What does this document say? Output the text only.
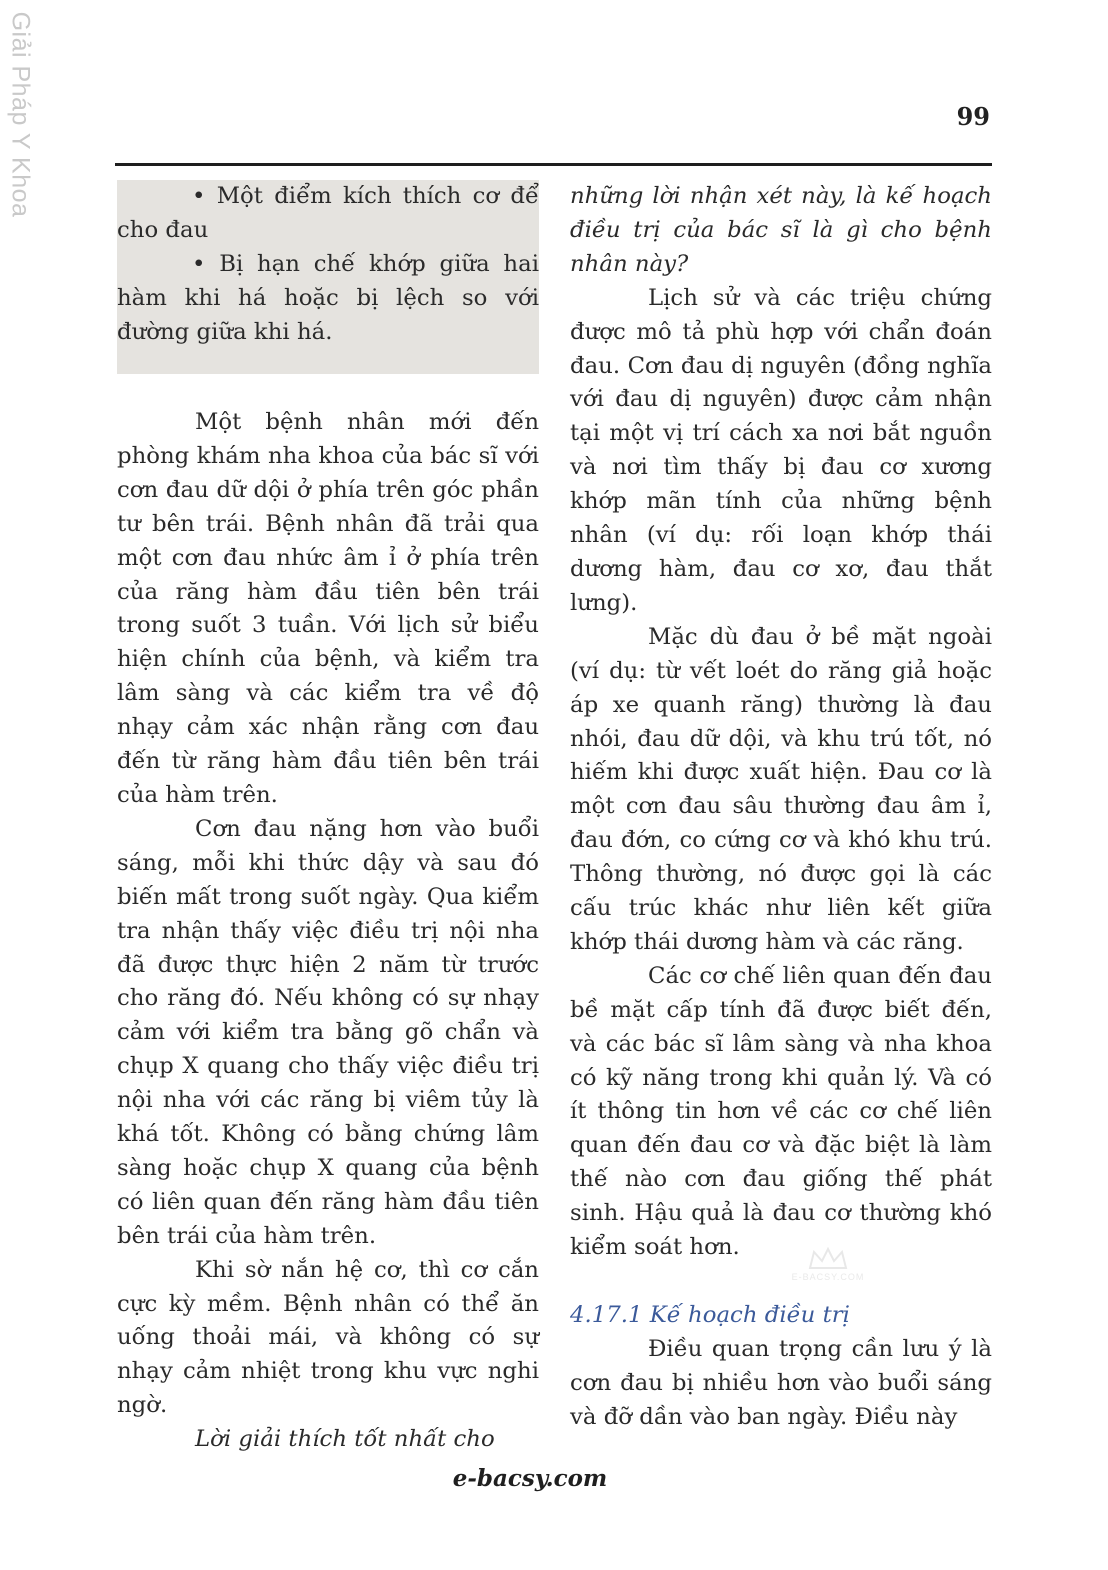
Giải Pháp Y Khoa	99

• Một điểm kích thích cơ để cho đau

• Bị hạn chế khớp giữa hai hàm khi há hoặc bị lệch so với đường giữa khi há.

Một bệnh nhân mới đến phòng khám nha khoa của bác sĩ với cơn đau dữ dội ở phía trên góc phần tư bên trái. Bệnh nhân đã trải qua một cơn đau nhức âm ỉ ở phía trên của răng hàm đầu tiên bên trái trong suốt 3 tuần. Với lịch sử biểu hiện chính của bệnh, và kiểm tra lâm sàng và các kiểm tra về độ nhạy cảm xác nhận rằng cơn đau đến từ răng hàm đầu tiên bên trái của hàm trên.

Cơn đau nặng hơn vào buổi sáng, mỗi khi thức dậy và sau đó biến mất trong suốt ngày. Qua kiểm tra nhận thấy việc điều trị nội nha đã được thực hiện 2 năm từ trước cho răng đó. Nếu không có sự nhạy cảm với kiểm tra bằng gõ chẩn và chụp X quang cho thấy việc điều trị nội nha với các răng bị viêm tủy là khá tốt. Không có bằng chứng lâm sàng hoặc chụp X quang của bệnh có liên quan đến răng hàm đầu tiên bên trái của hàm trên.

Khi sờ nắn hệ cơ, thì cơ cắn cực kỳ mềm. Bệnh nhân có thể ăn uống thoải mái, và không có sự nhạy cảm nhiệt trong khu vực nghi ngờ.

Lời giải thích tốt nhất cho

những lời nhận xét này, là kế hoạch điều trị của bác sĩ là gì cho bệnh nhân này?

Lịch sử và các triệu chứng được mô tả phù hợp với chẩn đoán đau. Cơn đau dị nguyên (đồng nghĩa với đau dị nguyên) được cảm nhận tại một vị trí cách xa nơi bắt nguồn và nơi tìm thấy bị đau cơ xương khớp mãn tính của những bệnh nhân (ví dụ: rối loạn khớp thái dương hàm, đau cơ xơ, đau thắt lưng).

Mặc dù đau ở bề mặt ngoài (ví dụ: từ vết loét do răng giả hoặc áp xe quanh răng) thường là đau nhói, đau dữ dội, và khu trú tốt, nó hiếm khi được xuất hiện. Đau cơ là một cơn đau sâu thường đau âm ỉ, đau đớn, co cứng cơ và khó khu trú. Thông thường, nó được gọi là các cấu trúc khác như liên kết giữa khớp thái dương hàm và các răng.

Các cơ chế liên quan đến đau bề mặt cấp tính đã được biết đến, và các bác sĩ lâm sàng và nha khoa có kỹ năng trong khi quản lý. Và có ít thông tin hơn về các cơ chế liên quan đến đau cơ và đặc biệt là làm thế nào cơn đau giống thế phát sinh. Hậu quả là đau cơ thường khó kiểm soát hơn.

4.17.1 Kế hoạch điều trị

Điều quan trọng cần lưu ý là cơn đau bị nhiều hơn vào buổi sáng và đỡ dần vào ban ngày. Điều này

E-BACSY.COM
e-bacsy.com
